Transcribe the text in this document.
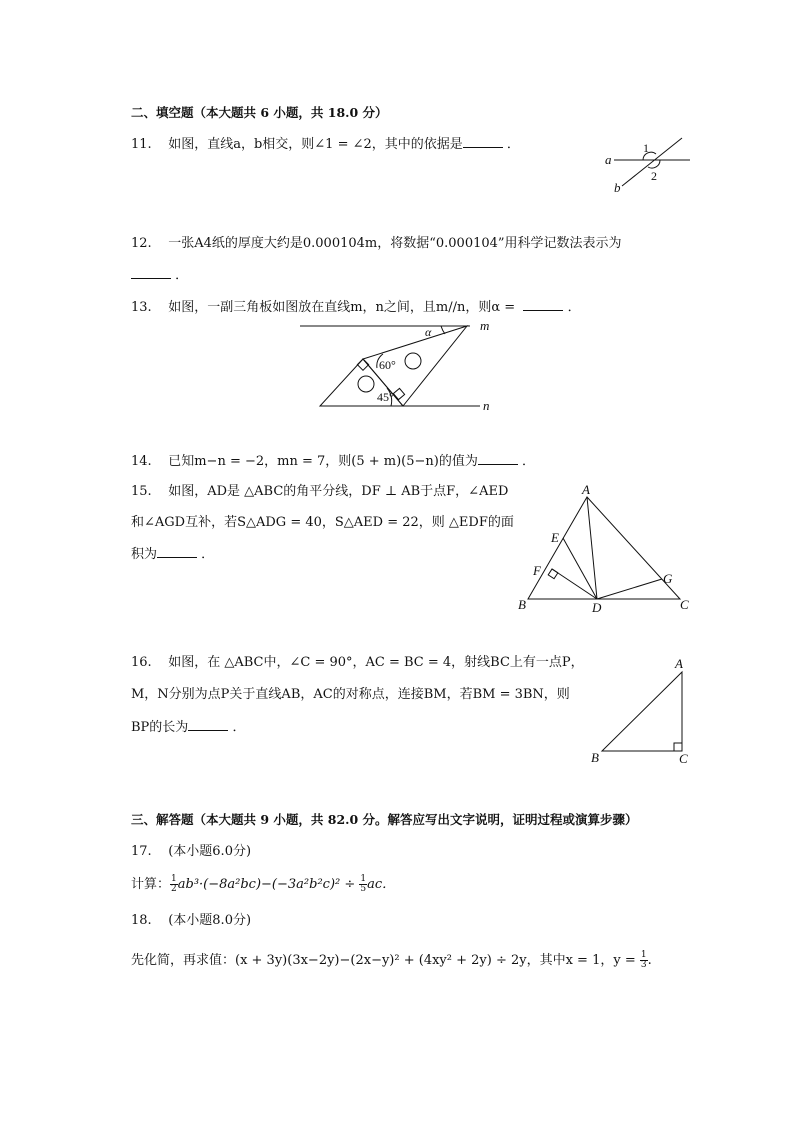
二、填空题（本大题共 6 小题，共 18.0 分）
11. 如图，直线a，b相交，则∠1 = ∠2，其中的依据是	．
a
b
1
2
12. 一张A4纸的厚度大约是0.000104m，将数据“0.000104”用科学记数法表示为
．
13. 如图，一副三角板如图放在直线m，n之间，且m//n，则α =	．
α	m
n
60°
45°
14. 已知m−n = −2，mn = 7，则(5 + m)(5−n)的值为	．
15. 如图，AD是 △ABC的角平分线，DF ⊥ AB于点F，∠AED
和∠AGD互补，若S△ADG = 40，S△AED = 22，则 △EDF的面
积为	．
A
B	C
D
E
F
G
16. 如图，在 △ABC中，∠C = 90°，AC = BC = 4，射线BC上有一点P，
M，N分别为点P关于直线AB，AC的对称点，连接BM，若BM = 3BN，则
BP的长为	．
A
B	C
三、解答题（本大题共 9 小题，共 82.0 分。解答应写出文字说明，证明过程或演算步骤）
17. (本小题6.0分)
计算： $\frac{1}{2} ab^3\cdot(-8a^2bc)-(-3a^2b^2c)^2 \div \frac{1}{5}$ ac．
18. (本小题8.0分)
先化简，再求值：(x + 3y)(3x−2y)−(2x−y)² + (4xy² + 2y) ÷ 2y，其中x = 1，$y = \frac{1}{3}$ .
